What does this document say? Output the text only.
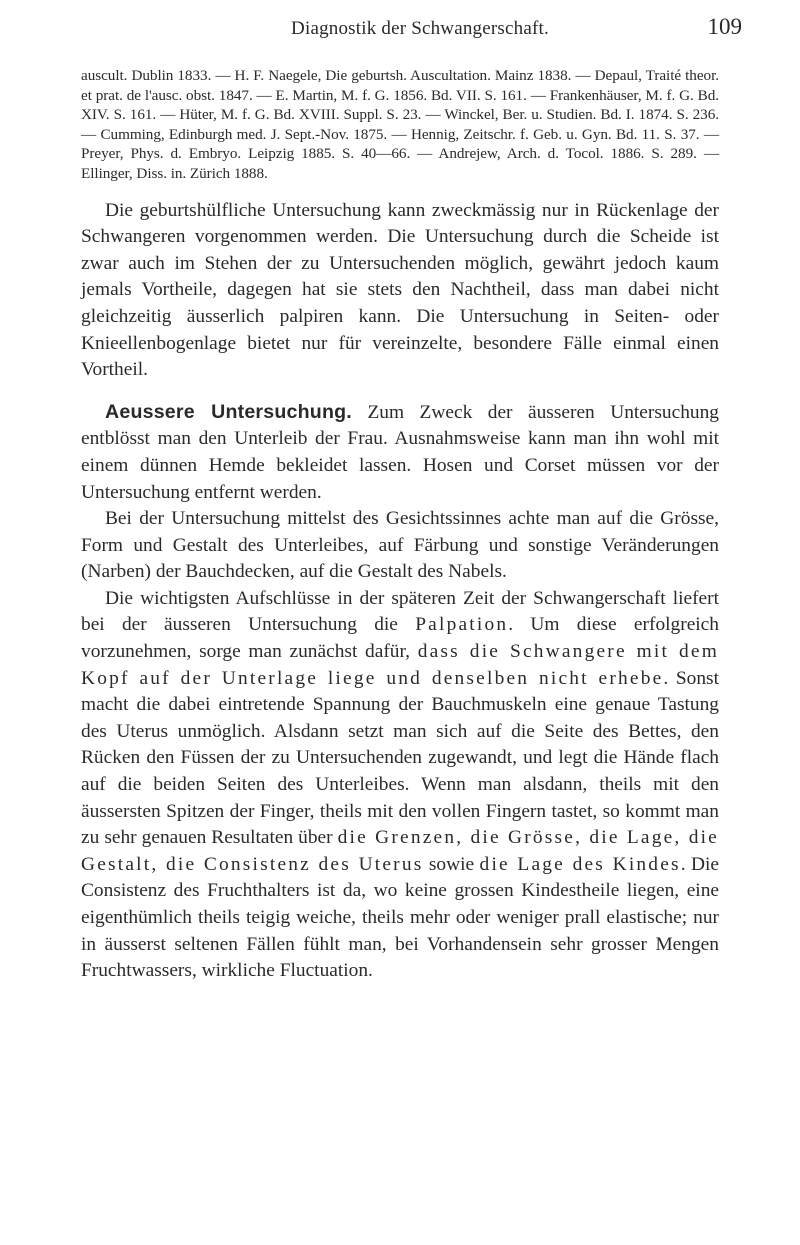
Diagnostik der Schwangerschaft.	109

auscult. Dublin 1833. — H. F. Naegele, Die geburtsh. Auscultation. Mainz 1838. — Depaul, Traité theor. et prat. de l'ausc. obst. 1847. — E. Martin, M. f. G. 1856. Bd. VII. S. 161. — Frankenhäuser, M. f. G. Bd. XIV. S. 161. — Hüter, M. f. G. Bd. XVIII. Suppl. S. 23. — Winckel, Ber. u. Studien. Bd. I. 1874. S. 236. — Cumming, Edinburgh med. J. Sept.-Nov. 1875. — Hennig, Zeitschr. f. Geb. u. Gyn. Bd. 11. S. 37. — Preyer, Phys. d. Embryo. Leipzig 1885. S. 40—66. — Andrejew, Arch. d. Tocol. 1886. S. 289. — Ellinger, Diss. in. Zürich 1888.

Die geburtshülfliche Untersuchung kann zweckmässig nur in Rückenlage der Schwangeren vorgenommen werden. Die Untersuchung durch die Scheide ist zwar auch im Stehen der zu Untersuchenden möglich, gewährt jedoch kaum jemals Vortheile, dagegen hat sie stets den Nachtheil, dass man dabei nicht gleichzeitig äusserlich palpiren kann. Die Untersuchung in Seiten- oder Knieellenbogenlage bietet nur für vereinzelte, besondere Fälle einmal einen Vortheil.

Aeussere Untersuchung. Zum Zweck der äusseren Untersuchung entblösst man den Unterleib der Frau. Ausnahmsweise kann man ihn wohl mit einem dünnen Hemde bekleidet lassen. Hosen und Corset müssen vor der Untersuchung entfernt werden.

Bei der Untersuchung mittelst des Gesichtssinnes achte man auf die Grösse, Form und Gestalt des Unterleibes, auf Färbung und sonstige Veränderungen (Narben) der Bauchdecken, auf die Gestalt des Nabels.

Die wichtigsten Aufschlüsse in der späteren Zeit der Schwangerschaft liefert bei der äusseren Untersuchung die Palpation. Um diese erfolgreich vorzunehmen, sorge man zunächst dafür, dass die Schwangere mit dem Kopf auf der Unterlage liege und denselben nicht erhebe. Sonst macht die dabei eintretende Spannung der Bauchmuskeln eine genaue Tastung des Uterus unmöglich. Alsdann setzt man sich auf die Seite des Bettes, den Rücken den Füssen der zu Untersuchenden zugewandt, und legt die Hände flach auf die beiden Seiten des Unterleibes. Wenn man alsdann, theils mit den äussersten Spitzen der Finger, theils mit den vollen Fingern tastet, so kommt man zu sehr genauen Resultaten über die Grenzen, die Grösse, die Lage, die Gestalt, die Consistenz des Uterus sowie die Lage des Kindes. Die Consistenz des Fruchthalters ist da, wo keine grossen Kindestheile liegen, eine eigenthümlich theils teigig weiche, theils mehr oder weniger prall elastische; nur in äusserst seltenen Fällen fühlt man, bei Vorhandensein sehr grosser Mengen Fruchtwassers, wirkliche Fluctuation.
